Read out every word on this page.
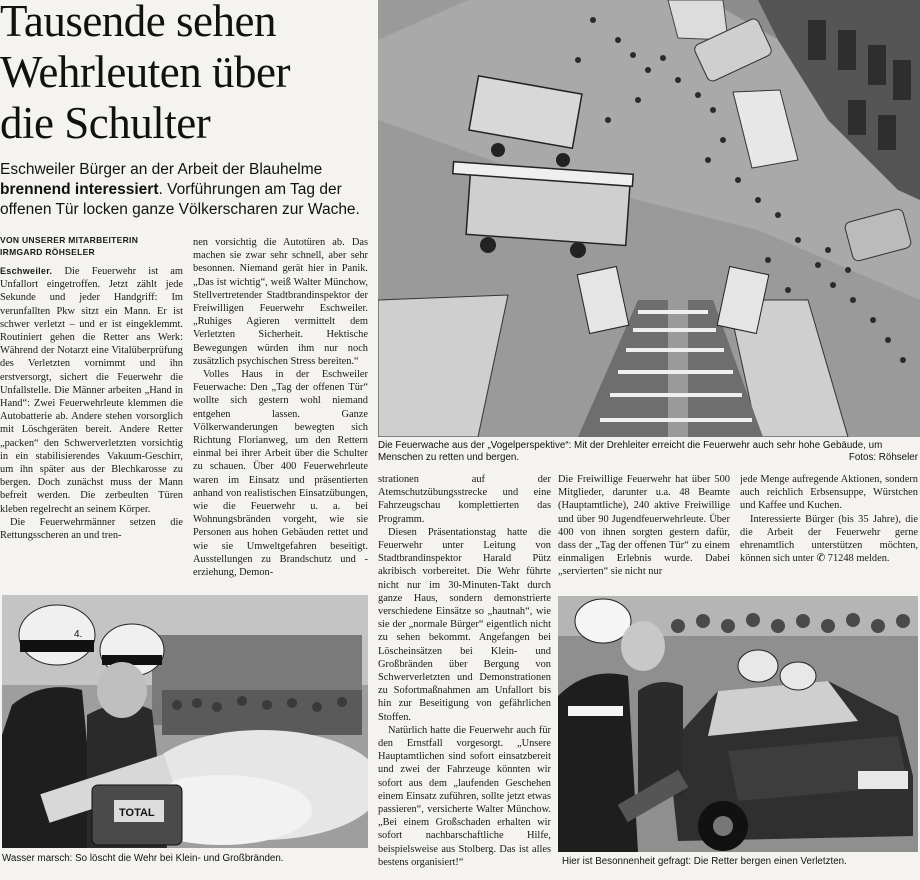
Tausende sehen
Wehrleuten über
die Schulter
Eschweiler Bürger an der Arbeit der Blauhelme brennend interessiert. Vorführungen am Tag der offenen Tür locken ganze Völkerscharen zur Wache.
VON UNSERER MITARBEITERIN
IRMGARD RÖHSELER

Eschweiler. Die Feuerwehr ist am Unfallort eingetroffen. Jetzt zählt jede Sekunde und jeder Handgriff: Im verunfallten Pkw sitzt ein Mann. Er ist schwer verletzt – und er ist eingeklemmt. Routiniert gehen die Retter ans Werk: Während der Notarzt eine Vitalüberprüfung des Verletzten vornimmt und ihn erstversorgt, sichert die Feuerwehr die Unfallstelle. Die Männer arbeiten „Hand in Hand“: Zwei Feuerwehrleute klemmen die Autobatterie ab. Andere stehen vorsorglich mit Löschgeräten bereit. Andere Retter „packen“ den Schwerverletzten vorsichtig in ein stabilisierendes Vakuum-Geschirr, um ihn später aus der Blechkarosse zu bergen. Doch zunächst muss der Mann befreit werden. Die zerbeulten Türen kleben regelrecht an seinem Körper.

Die Feuerwehrmänner setzen die Rettungsscheren an und tren-

nen vorsichtig die Autotüren ab. Das machen sie zwar sehr schnell, aber sehr besonnen. Niemand gerät hier in Panik. „Das ist wichtig“, weiß Walter Münchow, Stellvertretender Stadtbrandinspektor der Freiwilligen Feuerwehr Eschweiler. „Ruhiges Agieren vermittelt dem Verletzten Sicherheit. Hektische Bewegungen würden ihm nur noch zusätzlich psychischen Stress bereiten.“

Volles Haus in der Eschweiler Feuerwache: Den „Tag der offenen Tür“ wollte sich gestern wohl niemand entgehen lassen. Ganze Völkerwanderungen bewegten sich Richtung Florianweg, um den Rettern einmal bei ihrer Arbeit über die Schulter zu schauen. Über 400 Feuerwehrleute waren im Einsatz und präsentierten anhand von realistischen Einsatzübungen, wie die Feuerwehr u. a. bei Wohnungsbränden vorgeht, wie sie Personen aus hohen Gebäuden rettet und wie sie Umweltgefahren beseitigt. Ausstellungen zu Brandschutz und -erziehung, Demon-

Die Feuerwache aus der „Vogelperspektive“: Mit der Drehleiter erreicht die Feuerwehr auch sehr hohe Gebäude, um Menschen zu retten und bergen.	Fotos: Röhseler

strationen auf der Atemschutzübungsstrecke und eine Fahrzeugschau komplettierten das Programm.

Diesen Präsentationstag hatte die Feuerwehr unter Leitung von Stadtbrandinspektor Harald Pütz akribisch vorbereitet. Die Wehr führte nicht nur im 30-Minuten-Takt durch ganze Haus, sondern demonstrierte verschiedene Einsätze so „hautnah“, wie sie der „normale Bürger“ eigentlich nicht zu sehen bekommt. Angefangen bei Löscheinsätzen bei Klein- und Großbränden über Bergung von Schwerverletzten und Demonstrationen zu Sofortmaßnahmen am Unfallort bis hin zur Beseitigung von gefährlichen Stoffen.

Natürlich hatte die Feuerwehr auch für den Ernstfall vorgesorgt. „Unsere Hauptamtlichen sind sofort einsatzbereit und zwei der Fahrzeuge könnten wir sofort aus dem „laufenden Geschehen einem Einsatz zuführen, sollte jetzt etwas passieren“, versicherte Walter Münchow. „Bei einem Großschaden erhalten wir sofort nachbarschaftliche Hilfe, beispielsweise aus Stolberg. Das ist alles bestens organisiert!“

Die Freiwillige Feuerwehr hat über 500 Mitglieder, darunter u.a. 48 Beamte (Hauptamtliche), 240 aktive Freiwillige und über 90 Jugendfeuerwehrleute. Über 400 von ihnen sorgten gestern dafür, dass der „Tag der offenen Tür“ zu einem einmaligen Erlebnis wurde. Dabei „servierten“ sie nicht nur

jede Menge aufregende Aktionen, sondern auch reichlich Erbsensuppe, Würstchen und Kaffee und Kuchen.

Interessierte Bürger (bis 35 Jahre), die die Arbeit der Feuerwehr gerne ehrenamtlich unterstützen möchten, können sich unter ✆ 71248 melden.

4.
TOTAL
Wasser marsch: So löscht die Wehr bei Klein- und Großbränden.	Hier ist Besonnenheit gefragt: Die Retter bergen einen Verletzten.
